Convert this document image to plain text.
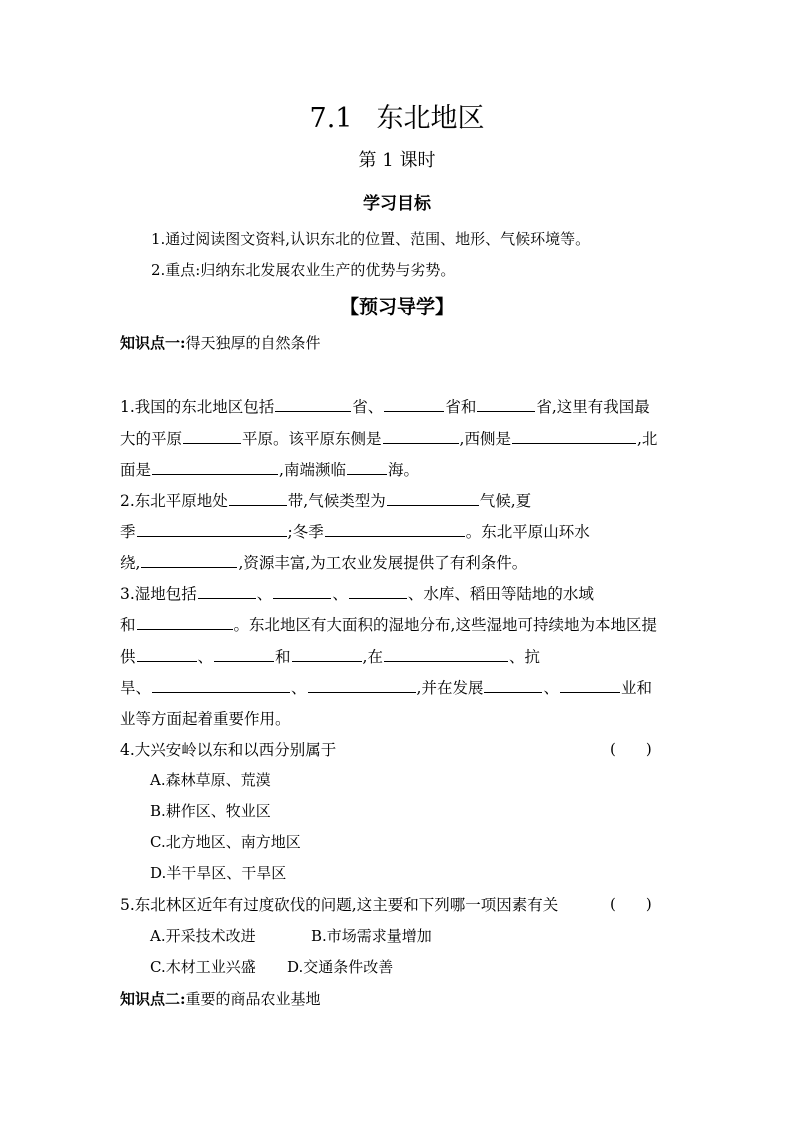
7.1 东北地区
第 1 课时
学习目标
1.通过阅读图文资料,认识东北的位置、范围、地形、气候环境等。
2.重点:归纳东北发展农业生产的优势与劣势。
【预习导学】
知识点一:得天独厚的自然条件
1.我国的东北地区包括	省、	省和	省,这里有我国最
大的平原	平原。该平原东侧是	,西侧是	,北
面是	,南端濒临	海。
2.东北平原地处	带,气候类型为	气候,夏
季	;冬季	。东北平原山环水
绕,	,资源丰富,为工农业发展提供了有利条件。
3.湿地包括	、	、	、水库、稻田等陆地的水域
和	。东北地区有大面积的湿地分布,这些湿地可持续地为本地区提
供	、	和	,在	、抗
旱、	、	,并在发展	、	业和
业等方面起着重要作用。
4.大兴安岭以东和以西分别属于	(　　)
A.森林草原、荒漠
B.耕作区、牧业区
C.北方地区、南方地区
D.半干旱区、干旱区
5.东北林区近年有过度砍伐的问题,这主要和下列哪一项因素有关	(　　)
A.开采技术改进	B.市场需求量增加
C.木材工业兴盛 D.交通条件改善
知识点二:重要的商品农业基地
